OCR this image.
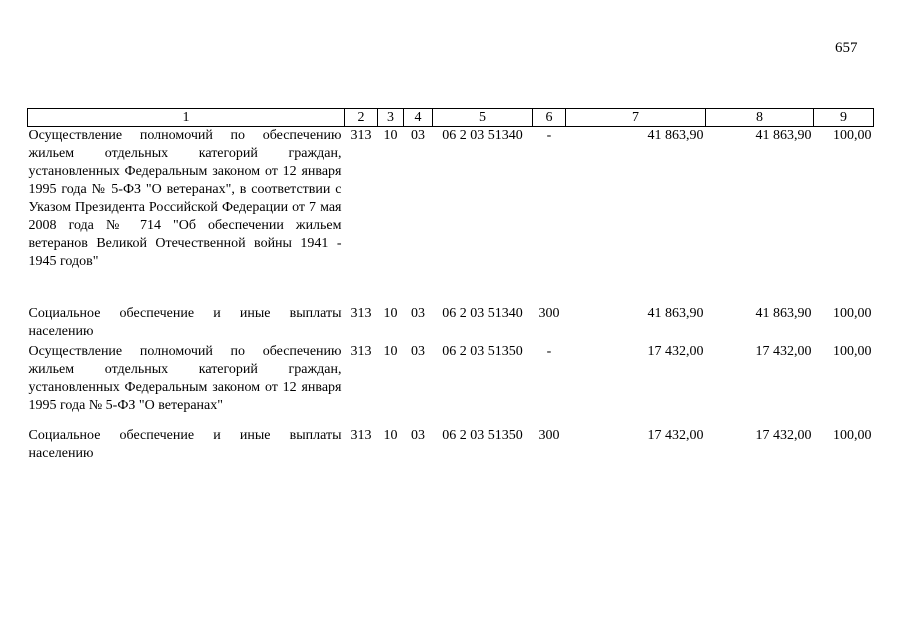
657
1	2	3	4	5	6	7	8	9
Осуществление полномочий по обеспечению жильем отдельных категорий граждан, установленных Федеральным законом от 12 января 1995 года № 5-ФЗ "О ветеранах", в соответствии с Указом Президента Российской Федерации от 7 мая 2008 года № 714 "Об обеспечении жильем ветеранов Великой Отечественной войны 1941 - 1945 годов"	313	10	03	06 2 03 51340	-	41 863,90	41 863,90	100,00
Социальное обеспечение и иные выплаты населению	313	10	03	06 2 03 51340	300	41 863,90	41 863,90	100,00
Осуществление полномочий по обеспечению жильем отдельных категорий граждан, установленных Федеральным законом от 12 января 1995 года № 5-ФЗ "О ветеранах"	313	10	03	06 2 03 51350	-	17 432,00	17 432,00	100,00
Социальное обеспечение и иные выплаты населению	313	10	03	06 2 03 51350	300	17 432,00	17 432,00	100,00
